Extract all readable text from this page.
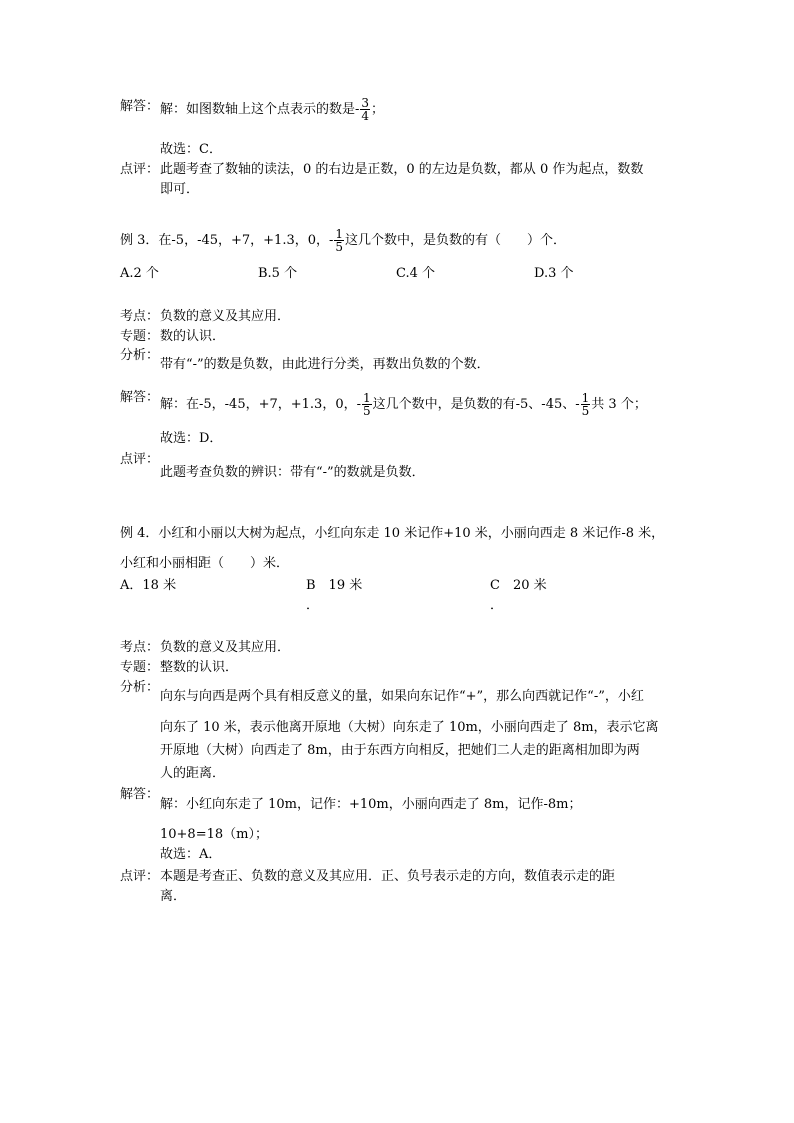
解答： 解：如图数轴上这个点表示的数是- $\frac{3}{4}$ ；
故选：C．
点评： 此题考查了数轴的读法，0 的右边是正数，0 的左边是负数，都从 0 作为起点，数数
即可．
例 3．在-5，-45，+7，+1.3，0，- $\frac{1}{5}$ 这几个数中，是负数的有（　　）个．
A.2 个	B.5 个	C.4 个	D.3 个
考点： 负数的意义及其应用．
专题： 数的认识．
分析：
带有“-”的数是负数，由此进行分类，再数出负数的个数．
解答： 解：在-5，-45，+7，+1.3，0，- $\frac{1}{5}$ 这几个数中，是负数的有-5、-45、- $\frac{1}{5}$ 共 3 个；
故选：D．
点评：
此题考查负数的辨识：带有“-”的数就是负数．
例 4．小红和小丽以大树为起点，小红向东走 10 米记作+10 米，小丽向西走 8 米记作-8 米，
小红和小丽相距（　　）米．
A．18 米	B　19 米	C　20 米
．	．
考点： 负数的意义及其应用．
专题： 整数的认识．
分析：
向东与向西是两个具有相反意义的量，如果向东记作“+”，那么向西就记作“-”，小红
向东了 10 米，表示他离开原地（大树）向东走了 10m，小丽向西走了 8m，表示它离
开原地（大树）向西走了 8m，由于东西方向相反，把她们二人走的距离相加即为两
人的距离．
解答：
解：小红向东走了 10m，记作：+10m，小丽向西走了 8m，记作-8m；
10+8=18（m）；
故选：A．
点评： 本题是考查正、负数的意义及其应用．正、负号表示走的方向，数值表示走的距
离．
